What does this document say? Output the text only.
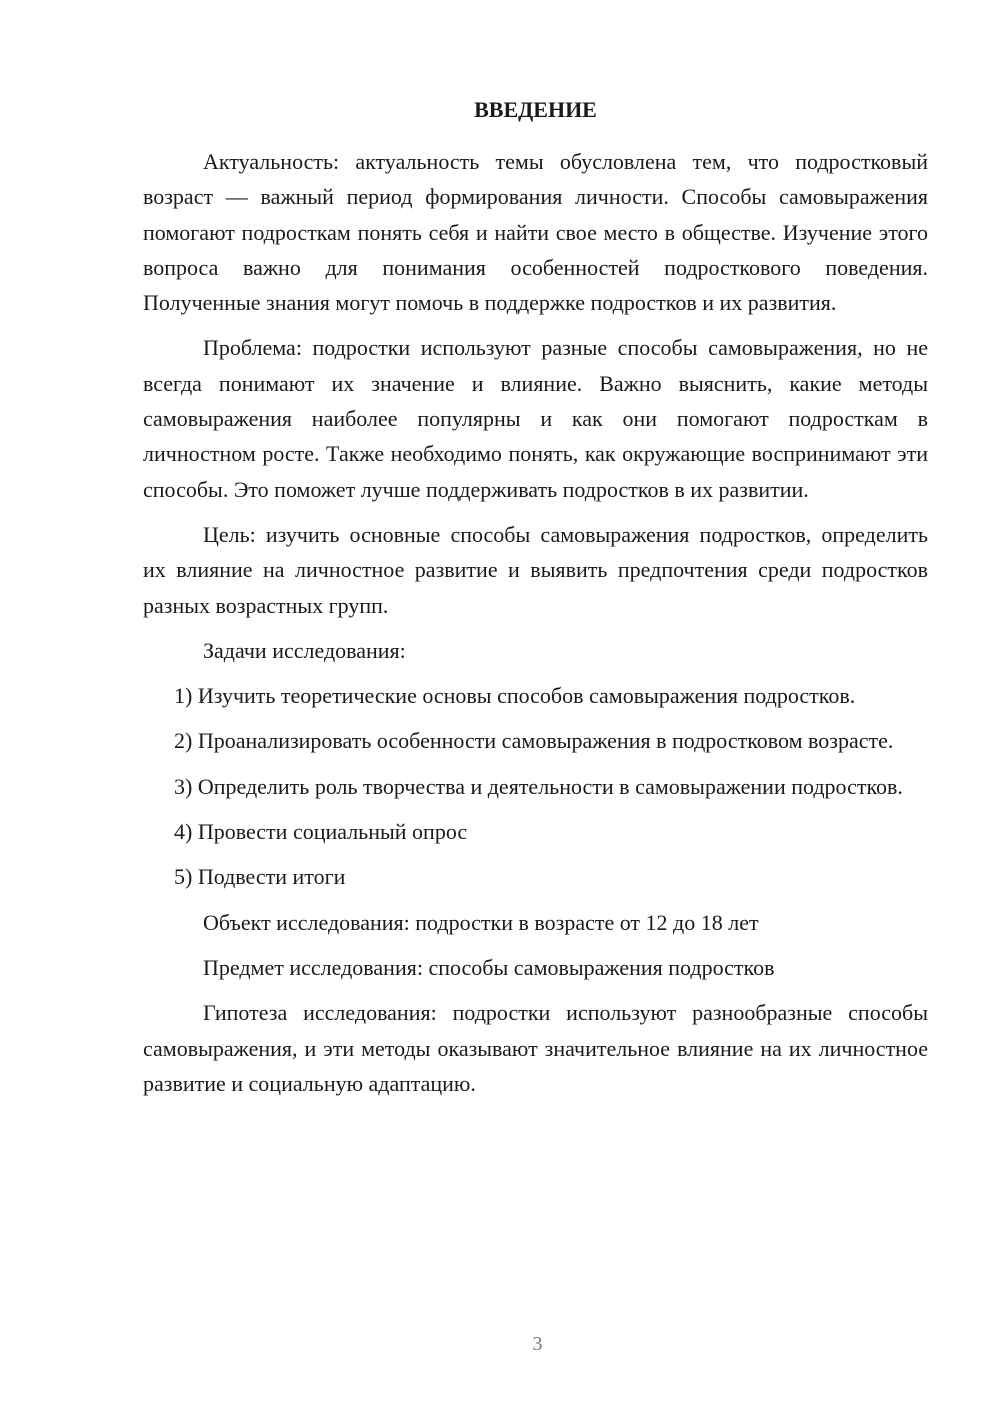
ВВЕДЕНИЕ

Актуальность: актуальность темы обусловлена тем, что подростковый возраст — важный период формирования личности. Способы самовыражения помогают подросткам понять себя и найти свое место в обществе. Изучение этого вопроса важно для понимания особенностей подросткового поведения. Полученные знания могут помочь в поддержке подростков и их развития.

Проблема: подростки используют разные способы самовыражения, но не всегда понимают их значение и влияние. Важно выяснить, какие методы самовыражения наиболее популярны и как они помогают подросткам в личностном росте. Также необходимо понять, как окружающие воспринимают эти способы. Это поможет лучше поддерживать подростков в их развитии.

Цель: изучить основные способы самовыражения подростков, определить их влияние на личностное развитие и выявить предпочтения среди подростков разных возрастных групп.

Задачи исследования:

1) Изучить теоретические основы способов самовыражения подростков.

2) Проанализировать особенности самовыражения в подростковом возрасте.

3) Определить роль творчества и деятельности в самовыражении подростков.

4) Провести социальный опрос

5) Подвести итоги

Объект исследования: подростки в возрасте от 12 до 18 лет

Предмет исследования: способы самовыражения подростков

Гипотеза исследования: подростки используют разнообразные способы самовыражения, и эти методы оказывают значительное влияние на их личностное развитие и социальную адаптацию.

3
